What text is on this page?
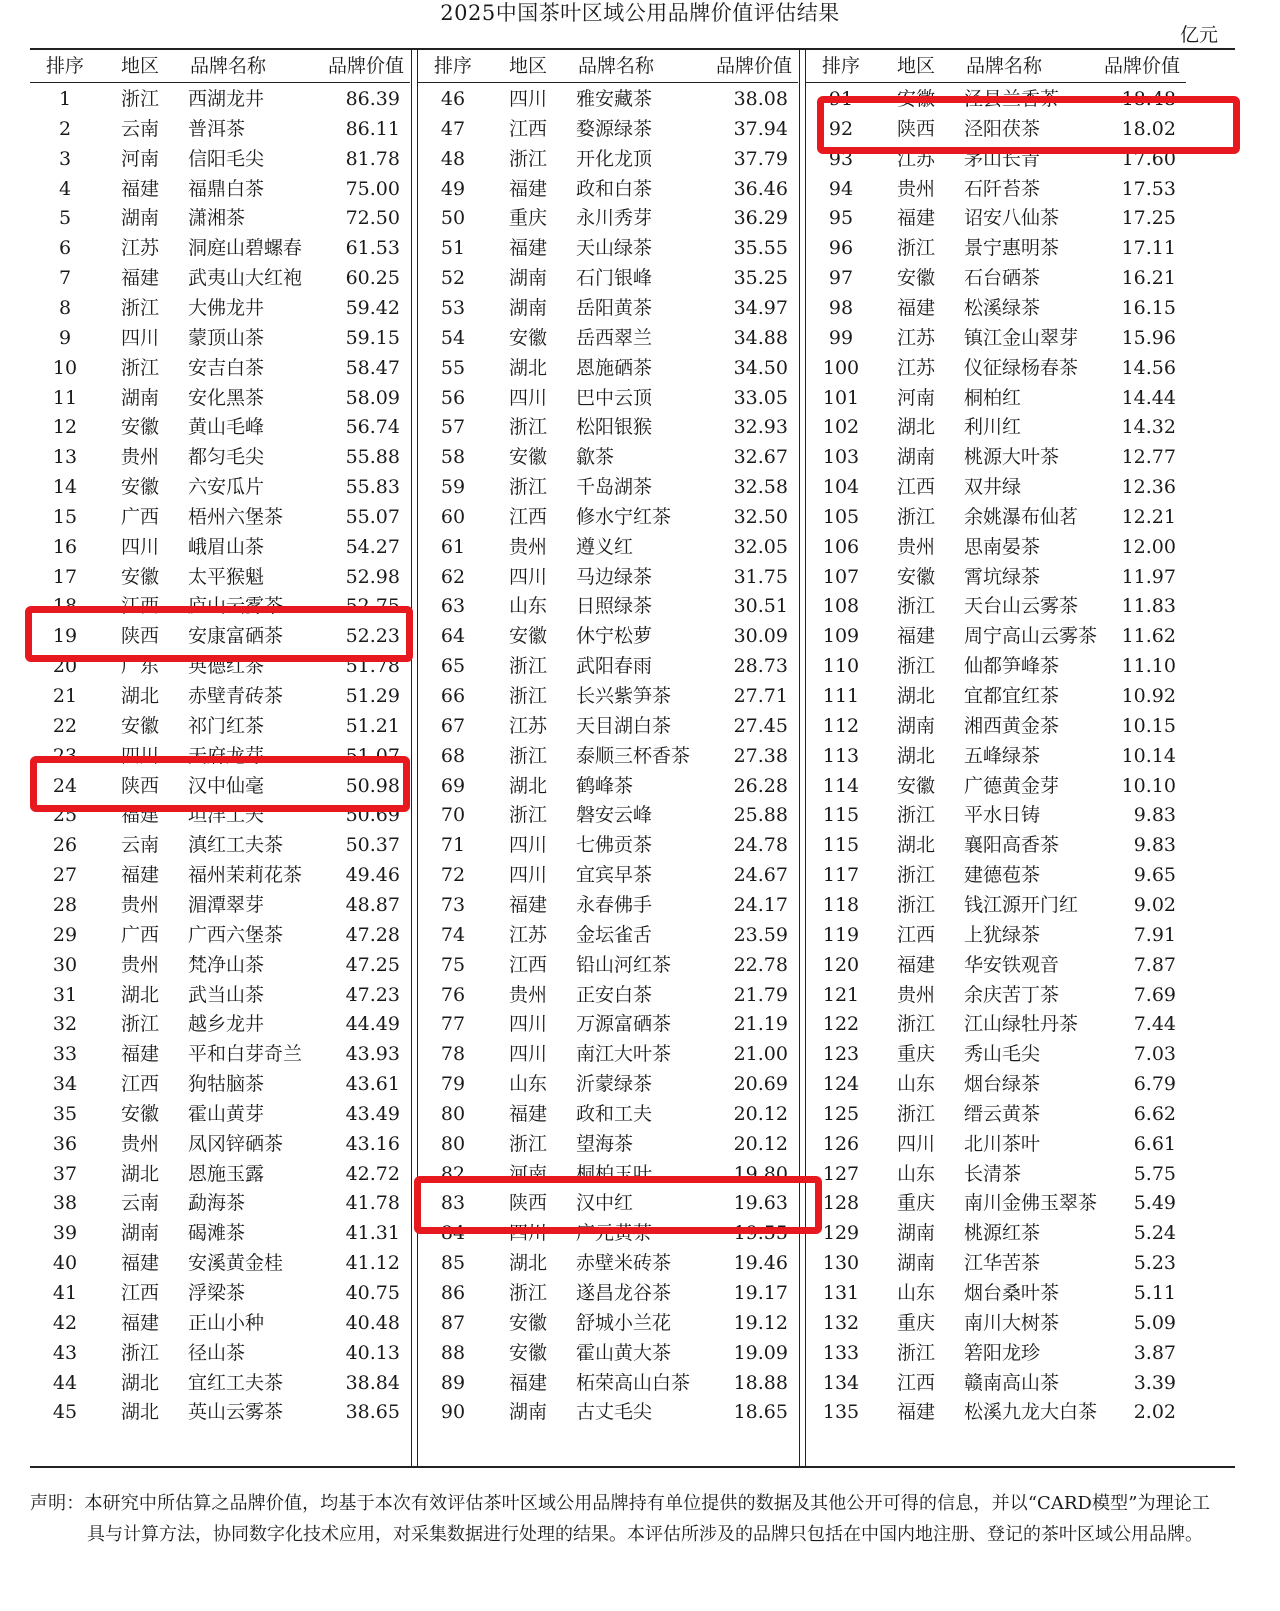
2025中国茶叶区域公用品牌价值评估结果
亿元
排序	地区	品牌名称	品牌价值
1	浙江	西湖龙井	86.39
2	云南	普洱茶	86.11
3	河南	信阳毛尖	81.78
4	福建	福鼎白茶	75.00
5	湖南	潇湘茶	72.50
6	江苏	洞庭山碧螺春	61.53
7	福建	武夷山大红袍	60.25
8	浙江	大佛龙井	59.42
9	四川	蒙顶山茶	59.15
10	浙江	安吉白茶	58.47
11	湖南	安化黑茶	58.09
12	安徽	黄山毛峰	56.74
13	贵州	都匀毛尖	55.88
14	安徽	六安瓜片	55.83
15	广西	梧州六堡茶	55.07
16	四川	峨眉山茶	54.27
17	安徽	太平猴魁	52.98
18	江西	庐山云雾茶	52.75
19	陕西	安康富硒茶	52.23
20	广东	英德红茶	51.78
21	湖北	赤壁青砖茶	51.29
22	安徽	祁门红茶	51.21
23	四川	天府龙芽	51.07
24	陕西	汉中仙毫	50.98
25	福建	坦洋工夫	50.69
26	云南	滇红工夫茶	50.37
27	福建	福州茉莉花茶	49.46
28	贵州	湄潭翠芽	48.87
29	广西	广西六堡茶	47.28
30	贵州	梵净山茶	47.25
31	湖北	武当山茶	47.23
32	浙江	越乡龙井	44.49
33	福建	平和白芽奇兰	43.93
34	江西	狗牯脑茶	43.61
35	安徽	霍山黄芽	43.49
36	贵州	凤冈锌硒茶	43.16
37	湖北	恩施玉露	42.72
38	云南	勐海茶	41.78
39	湖南	碣滩茶	41.31
40	福建	安溪黄金桂	41.12
41	江西	浮梁茶	40.75
42	福建	正山小种	40.48
43	浙江	径山茶	40.13
44	湖北	宜红工夫茶	38.84
45	湖北	英山云雾茶	38.65
排序	地区	品牌名称	品牌价值
46	四川	雅安藏茶	38.08
47	江西	婺源绿茶	37.94
48	浙江	开化龙顶	37.79
49	福建	政和白茶	36.46
50	重庆	永川秀芽	36.29
51	福建	天山绿茶	35.55
52	湖南	石门银峰	35.25
53	湖南	岳阳黄茶	34.97
54	安徽	岳西翠兰	34.88
55	湖北	恩施硒茶	34.50
56	四川	巴中云顶	33.05
57	浙江	松阳银猴	32.93
58	安徽	歙茶	32.67
59	浙江	千岛湖茶	32.58
60	江西	修水宁红茶	32.50
61	贵州	遵义红	32.05
62	四川	马边绿茶	31.75
63	山东	日照绿茶	30.51
64	安徽	休宁松萝	30.09
65	浙江	武阳春雨	28.73
66	浙江	长兴紫笋茶	27.71
67	江苏	天目湖白茶	27.45
68	浙江	泰顺三杯香茶	27.38
69	湖北	鹤峰茶	26.28
70	浙江	磐安云峰	25.88
71	四川	七佛贡茶	24.78
72	四川	宜宾早茶	24.67
73	福建	永春佛手	24.17
74	江苏	金坛雀舌	23.59
75	江西	铅山河红茶	22.78
76	贵州	正安白茶	21.79
77	四川	万源富硒茶	21.19
78	四川	南江大叶茶	21.00
79	山东	沂蒙绿茶	20.69
80	福建	政和工夫	20.12
80	浙江	望海茶	20.12
82	河南	桐柏玉叶	19.80
83	陕西	汉中红	19.63
84	四川	广元黄茶	19.55
85	湖北	赤壁米砖茶	19.46
86	浙江	遂昌龙谷茶	19.17
87	安徽	舒城小兰花	19.12
88	安徽	霍山黄大茶	19.09
89	福建	柘荣高山白茶	18.88
90	湖南	古丈毛尖	18.65
排序	地区	品牌名称	品牌价值
91	安徽	泾县兰香茶	18.48
92	陕西	泾阳茯茶	18.02
93	江苏	茅山长青	17.60
94	贵州	石阡苔茶	17.53
95	福建	诏安八仙茶	17.25
96	浙江	景宁惠明茶	17.11
97	安徽	石台硒茶	16.21
98	福建	松溪绿茶	16.15
99	江苏	镇江金山翠芽	15.96
100	江苏	仪征绿杨春茶	14.56
101	河南	桐柏红	14.44
102	湖北	利川红	14.32
103	湖南	桃源大叶茶	12.77
104	江西	双井绿	12.36
105	浙江	余姚瀑布仙茗	12.21
106	贵州	思南晏茶	12.00
107	安徽	霄坑绿茶	11.97
108	浙江	天台山云雾茶	11.83
109	福建	周宁高山云雾茶	11.62
110	浙江	仙都笋峰茶	11.10
111	湖北	宜都宜红茶	10.92
112	湖南	湘西黄金茶	10.15
113	湖北	五峰绿茶	10.14
114	安徽	广德黄金芽	10.10
115	浙江	平水日铸	9.83
115	湖北	襄阳高香茶	9.83
117	浙江	建德苞茶	9.65
118	浙江	钱江源开门红	9.02
119	江西	上犹绿茶	7.91
120	福建	华安铁观音	7.87
121	贵州	余庆苦丁茶	7.69
122	浙江	江山绿牡丹茶	7.44
123	重庆	秀山毛尖	7.03
124	山东	烟台绿茶	6.79
125	浙江	缙云黄茶	6.62
126	四川	北川茶叶	6.61
127	山东	长清茶	5.75
128	重庆	南川金佛玉翠茶	5.49
129	湖南	桃源红茶	5.24
130	湖南	江华苦茶	5.23
131	山东	烟台桑叶茶	5.11
132	重庆	南川大树茶	5.09
133	浙江	箬阳龙珍	3.87
134	江西	赣南高山茶	3.39
135	福建	松溪九龙大白茶	2.02

声明：本研究中所估算之品牌价值，均基于本次有效评估茶叶区域公用品牌持有单位提供的数据及其他公开可得的信息，并以“CARD模型”为理论工具与计算方法，协同数字化技术应用，对采集数据进行处理的结果。本评估所涉及的品牌只包括在中国内地注册、登记的茶叶区域公用品牌。
